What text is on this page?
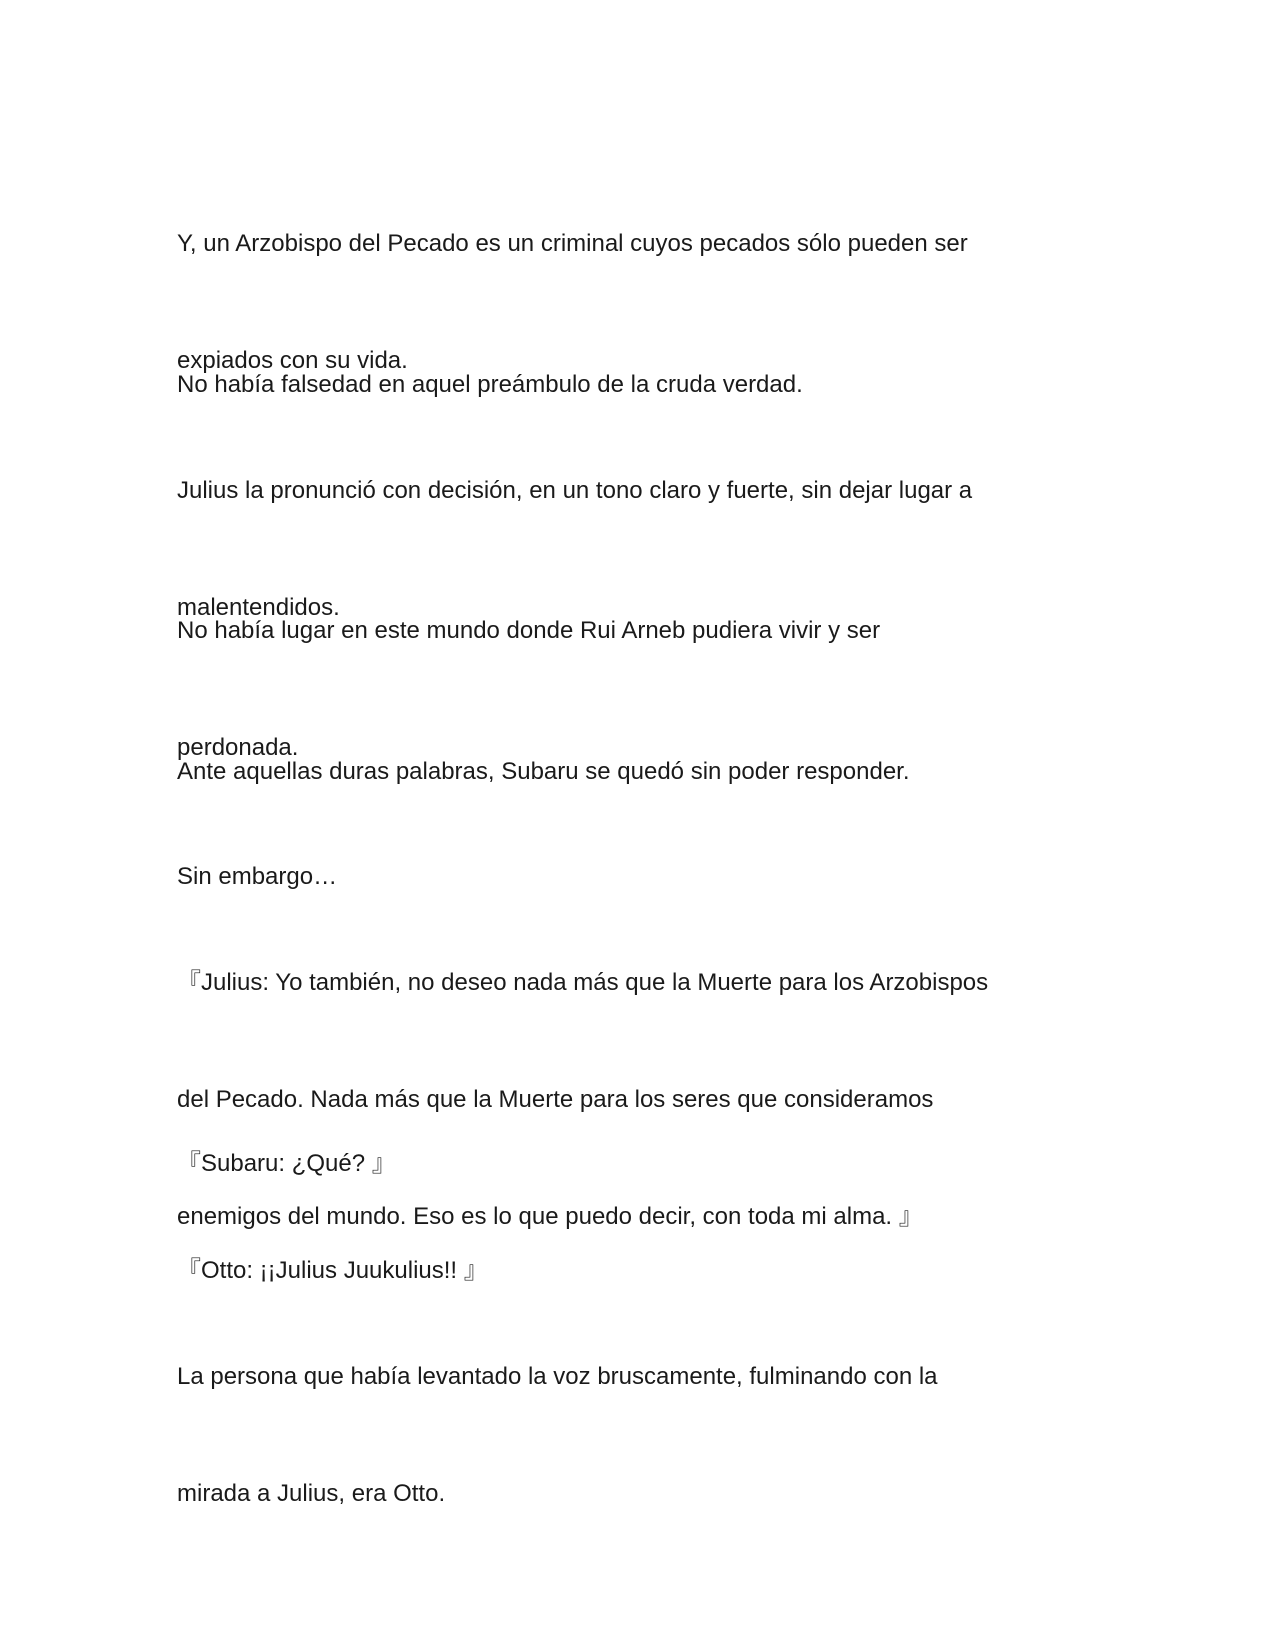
Y, un Arzobispo del Pecado es un criminal cuyos pecados sólo pueden ser

expiados con su vida.

No había falsedad en aquel preámbulo de la cruda verdad.

Julius la pronunció con decisión, en un tono claro y fuerte, sin dejar lugar a

malentendidos.

No había lugar en este mundo donde Rui Arneb pudiera vivir y ser

perdonada.

Ante aquellas duras palabras, Subaru se quedó sin poder responder.

Sin embargo…

『Julius: Yo también, no deseo nada más que la Muerte para los Arzobispos

del Pecado. Nada más que la Muerte para los seres que consideramos

enemigos del mundo. Eso es lo que puedo decir, con toda mi alma. 』

『Subaru: ¿Qué? 』

『Otto: ¡¡Julius Juukulius!! 』

La persona que había levantado la voz bruscamente, fulminando con la

mirada a Julius, era Otto.
